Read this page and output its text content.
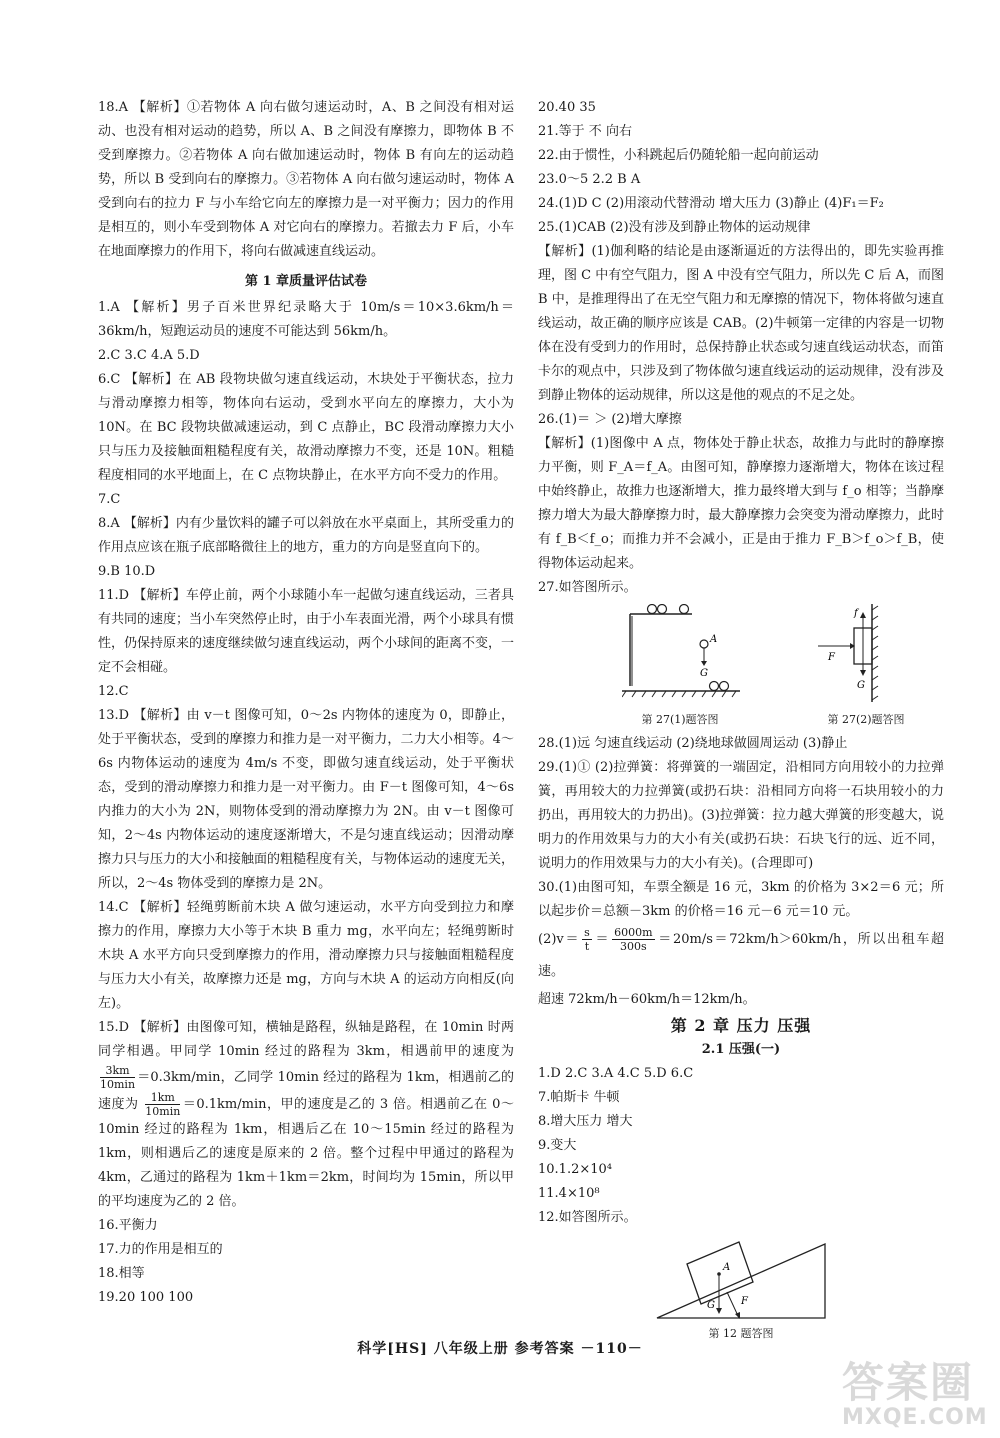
18.A 【解析】①若物体 A 向右做匀速运动时，A、B 之间没有相对运动、也没有相对运动的趋势，所以 A、B 之间没有摩擦力，即物体 B 不受到摩擦力。②若物体 A 向右做加速运动时，物体 B 有向左的运动趋势，所以 B 受到向右的摩擦力。③若物体 A 向右做匀速运动时，物体 A 受到向右的拉力 F 与小车给它向左的摩擦力是一对平衡力；因力的作用是相互的，则小车受到物体 A 对它向右的摩擦力。若撤去力 F 后，小车在地面摩擦力的作用下，将向右做减速直线运动。

第 1 章质量评估试卷

1.A 【解析】男子百米世界纪录略大于 10m/s＝10×3.6km/h＝36km/h，短跑运动员的速度不可能达到 56km/h。

2.C 3.C 4.A 5.D

6.C 【解析】在 AB 段物块做匀速直线运动，木块处于平衡状态，拉力与滑动摩擦力相等，物体向右运动，受到水平向左的摩擦力，大小为 10N。在 BC 段物块做减速运动，到 C 点静止，BC 段滑动摩擦力大小只与压力及接触面粗糙程度有关，故滑动摩擦力不变，还是 10N。粗糙程度相同的水平地面上，在 C 点物块静止，在水平方向不受力的作用。

7.C

8.A 【解析】内有少量饮料的罐子可以斜放在水平桌面上，其所受重力的作用点应该在瓶子底部略微往上的地方，重力的方向是竖直向下的。

9.B 10.D

11.D 【解析】车停止前，两个小球随小车一起做匀速直线运动，三者具有共同的速度；当小车突然停止时，由于小车表面光滑，两个小球具有惯性，仍保持原来的速度继续做匀速直线运动，两个小球间的距离不变，一定不会相碰。

12.C

13.D 【解析】由 v－t 图像可知，0～2s 内物体的速度为 0，即静止，处于平衡状态，受到的摩擦力和推力是一对平衡力，二力大小相等。4～6s 内物体运动的速度为 4m/s 不变，即做匀速直线运动，处于平衡状态，受到的滑动摩擦力和推力是一对平衡力。由 F－t 图像可知，4～6s 内推力的大小为 2N，则物体受到的滑动摩擦力为 2N。由 v－t 图像可知，2～4s 内物体运动的速度逐渐增大，不是匀速直线运动；因滑动摩擦力只与压力的大小和接触面的粗糙程度有关，与物体运动的速度无关，所以，2～4s 物体受到的摩擦力是 2N。

14.C 【解析】轻绳剪断前木块 A 做匀速运动，水平方向受到拉力和摩擦力的作用，摩擦力大小等于木块 B 重力 mg，水平向左；轻绳剪断时木块 A 水平方向只受到摩擦力的作用，滑动摩擦力只与接触面粗糙程度与压力大小有关，故摩擦力还是 mg，方向与木块 A 的运动方向相反(向左)。

15.D 【解析】由图像可知，横轴是路程，纵轴是路程，在 10min 时两同学相遇。甲同学 10min 经过的路程为 3km，相遇前甲的速度为
$\frac{3km}{10\min} =0.3km/\min$，乙同学 10min 经过的路程为 1km，相遇前乙的速度为 $\frac{1km}{10\min} =0.1km/\min$，甲的速度是乙的 3 倍。相遇前乙在 0～10min 经过的路程为 1km，相遇后乙在 10～15min 经过的路程为 1km，则相遇后乙的速度是原来的 2 倍。整个过程中甲通过的路程为 4km，乙通过的路程为 1km＋1km＝2km，时间均为 15min，所以甲的平均速度为乙的 2 倍。

16.平衡力

17.力的作用是相互的

18.相等

19.20 100 100

20.40 35

21.等于 不 向右

22.由于惯性，小科跳起后仍随轮船一起向前运动

23.0～5 2.2 B A

24.(1)D C (2)用滚动代替滑动 增大压力 (3)静止 (4)F₁＝F₂

25.(1)CAB (2)没有涉及到静止物体的运动规律

【解析】(1)伽利略的结论是由逐渐逼近的方法得出的，即先实验再推理，图 C 中有空气阻力，图 A 中没有空气阻力，所以先 C 后 A，而图 B 中，是推理得出了在无空气阻力和无摩擦的情况下，物体将做匀速直线运动，故正确的顺序应该是 CAB。(2)牛顿第一定律的内容是一切物体在没有受到力的作用时，总保持静止状态或匀速直线运动状态，而笛卡尔的观点中，只涉及到了物体做匀速直线运动的运动规律，没有涉及到静止物体的运动规律，所以这是他的观点的不足之处。

26.(1)＝ ＞ (2)增大摩擦

【解析】(1)图像中 A 点，物体处于静止状态，故推力与此时的静摩擦力平衡，则 F_A＝f_A。由图可知，静摩擦力逐渐增大，物体在该过程中始终静止，故推力也逐渐增大，推力最终增大到与 f_o 相等；当静摩擦力增大为最大静摩擦力时，最大静摩擦力会突变为滑动摩擦力，此时有 f_B＜f_o；而推力并不会减小，正是由于推力 F_B＞f_o＞f_B，使得物体运动起来。

27.如答图所示。

A
G
第 27(1)题答图
f
F
G
第 27(2)题答图

28.(1)远 匀速直线运动 (2)绕地球做圆周运动 (3)静止

29.(1)① (2)拉弹簧：将弹簧的一端固定，沿相同方向用较小的力拉弹簧，再用较大的力拉弹簧(或扔石块：沿相同方向将一石块用较小的力扔出，再用较大的力扔出)。(3)拉弹簧：拉力越大弹簧的形变越大，说明力的作用效果与力的大小有关(或扔石块：石块飞行的远、近不同，说明力的作用效果与力的大小有关)。(合理即可)

30.(1)由图可知，车票全额是 16 元，3km 的价格为 3×2＝6 元；所以起步价＝总额－3km 的价格＝16 元－6 元＝10 元。

$(2)v= \frac{s}{t} = \frac{6000m}{300s} =20m/s=72km/h>60km/h$，所以出租车超速。

超速 72km/h－60km/h＝12km/h。

第 2 章 压力 压强

2.1 压强(一)

1.D 2.C 3.A 4.C 5.D 6.C

7.帕斯卡 牛顿

8.增大压力 增大

9.变大

10.1.2×10⁴

11.4×10⁸

12.如答图所示。

A
G	F
第 12 题答图
科学[HS] 八年级上册 参考答案 －110－
答案圈
MXQE.COM
